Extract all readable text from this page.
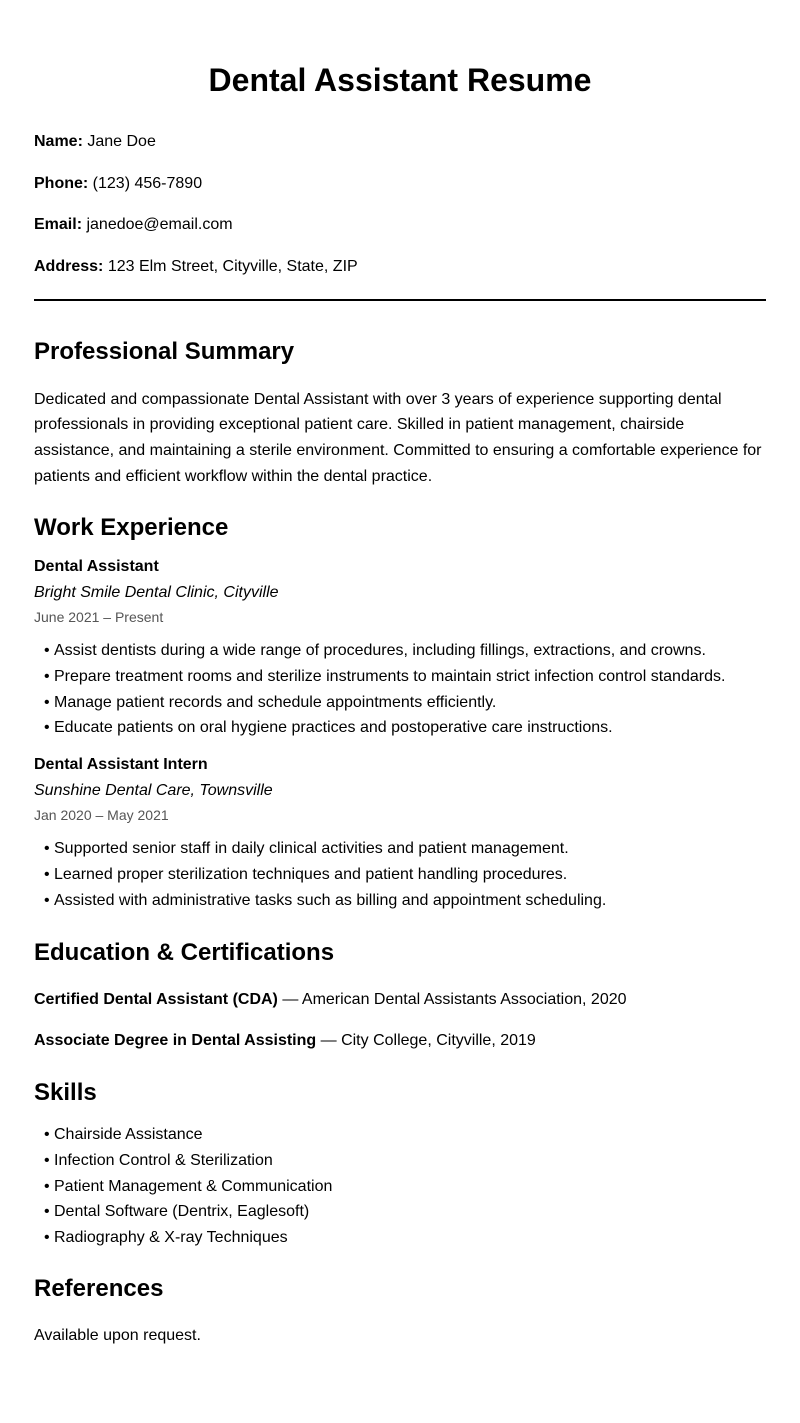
Dental Assistant Resume
Name: Jane Doe
Phone: (123) 456-7890
Email: janedoe@email.com
Address: 123 Elm Street, Cityville, State, ZIP
Professional Summary

Dedicated and compassionate Dental Assistant with over 3 years of experience supporting dental professionals in providing exceptional patient care. Skilled in patient management, chairside assistance, and maintaining a sterile environment. Committed to ensuring a comfortable experience for patients and efficient workflow within the dental practice.

Work Experience
Dental Assistant
Bright Smile Dental Clinic, Cityville
June 2021 – Present
• Assist dentists during a wide range of procedures, including fillings, extractions, and crowns.
• Prepare treatment rooms and sterilize instruments to maintain strict infection control standards.
• Manage patient records and schedule appointments efficiently.
• Educate patients on oral hygiene practices and postoperative care instructions.
Dental Assistant Intern
Sunshine Dental Care, Townsville
Jan 2020 – May 2021
• Supported senior staff in daily clinical activities and patient management.
• Learned proper sterilization techniques and patient handling procedures.
• Assisted with administrative tasks such as billing and appointment scheduling.
Education & Certifications
Certified Dental Assistant (CDA) — American Dental Assistants Association, 2020
Associate Degree in Dental Assisting — City College, Cityville, 2019
Skills
• Chairside Assistance
• Infection Control & Sterilization
• Patient Management & Communication
• Dental Software (Dentrix, Eaglesoft)
• Radiography & X-ray Techniques
References
Available upon request.
